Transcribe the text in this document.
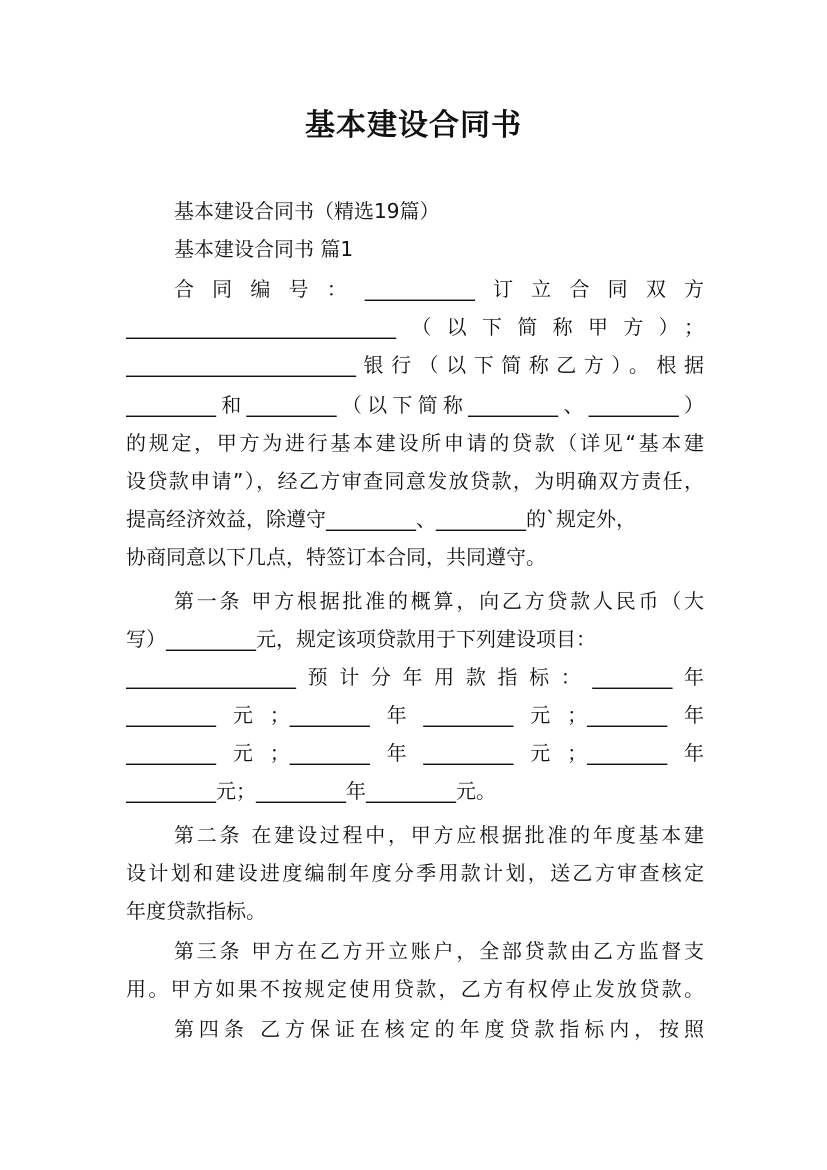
基本建设合同书
基本建设合同书（精选19篇）
基本建设合同书 篇1
合同编号：___________订立合同双方
___________________________（以下简称甲方）；
_______________________银行（以下简称乙方）。根据
_________和_________（以下简称_________、_________）
的规定，甲方为进行基本建设所申请的贷款（详见“基本建
设贷款申请”），经乙方审查同意发放贷款，为明确双方责任，
提高经济效益，除遵守_________、_________的`规定外，
协商同意以下几点，特签订本合同，共同遵守。
第一条 甲方根据批准的概算，向乙方贷款人民币（大
写）_________元，规定该项贷款用于下列建设项目：
_________________预计分年用款指标：________年
_________元；________年_________元；________年
_________元；________年_________元；________年
_________元；_________年_________元。
第二条 在建设过程中，甲方应根据批准的年度基本建
设计划和建设进度编制年度分季用款计划，送乙方审查核定
年度贷款指标。
第三条 甲方在乙方开立账户，全部贷款由乙方监督支
用。甲方如果不按规定使用贷款，乙方有权停止发放贷款。
第四条 乙方保证在核定的年度贷款指标内，按照
